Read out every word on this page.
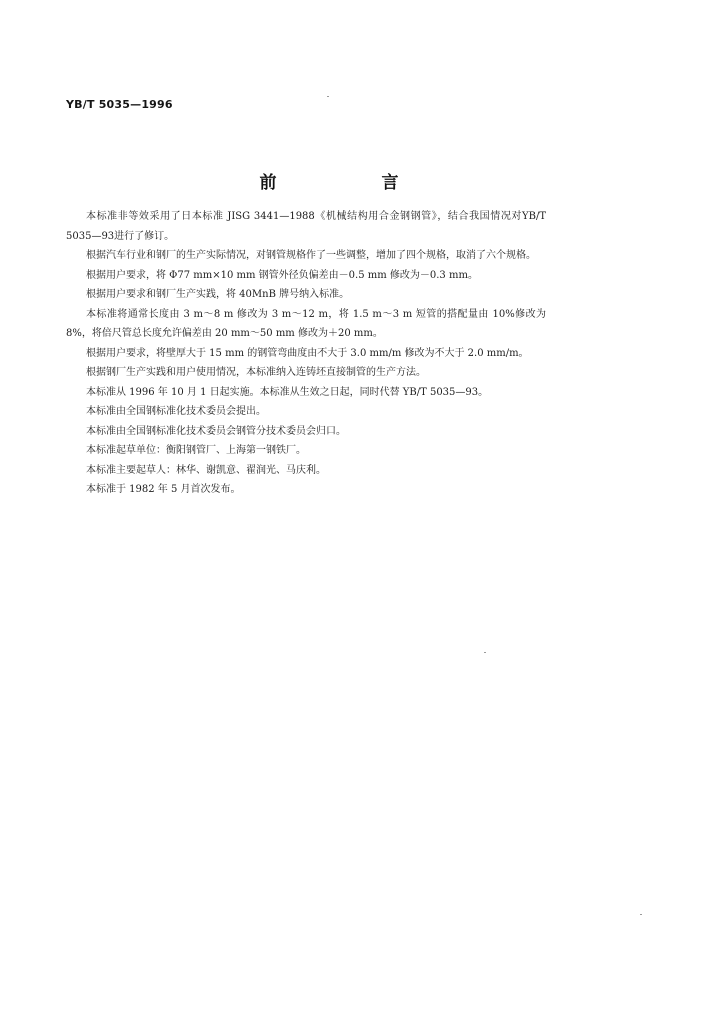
YB/T 5035—1996
前　言

本标准非等效采用了日本标准 JISG 3441—1988《机械结构用合金钢钢管》，结合我国情况对YB/T 5035—93进行了修订。

根据汽车行业和钢厂的生产实际情况，对钢管规格作了一些调整，增加了四个规格，取消了六个规格。

根据用户要求，将 Φ77 mm×10 mm 钢管外径负偏差由－0.5 mm 修改为－0.3 mm。

根据用户要求和钢厂生产实践，将 40MnB 牌号纳入标准。

本标准将通常长度由 3 m～8 m 修改为 3 m～12 m，将 1.5 m～3 m 短管的搭配量由 10%修改为8%，将倍尺管总长度允许偏差由 20 mm～50 mm 修改为＋20 mm。

根据用户要求，将壁厚大于 15 mm 的钢管弯曲度由不大于 3.0 mm/m 修改为不大于 2.0 mm/m。

根据钢厂生产实践和用户使用情况，本标准纳入连铸坯直接制管的生产方法。

本标准从 1996 年 10 月 1 日起实施。本标准从生效之日起，同时代替 YB/T 5035—93。

本标准由全国钢标准化技术委员会提出。

本标准由全国钢标准化技术委员会钢管分技术委员会归口。

本标准起草单位：衡阳钢管厂、上海第一钢铁厂。

本标准主要起草人：林华、谢凯意、翟润光、马庆利。

本标准于 1982 年 5 月首次发布。
